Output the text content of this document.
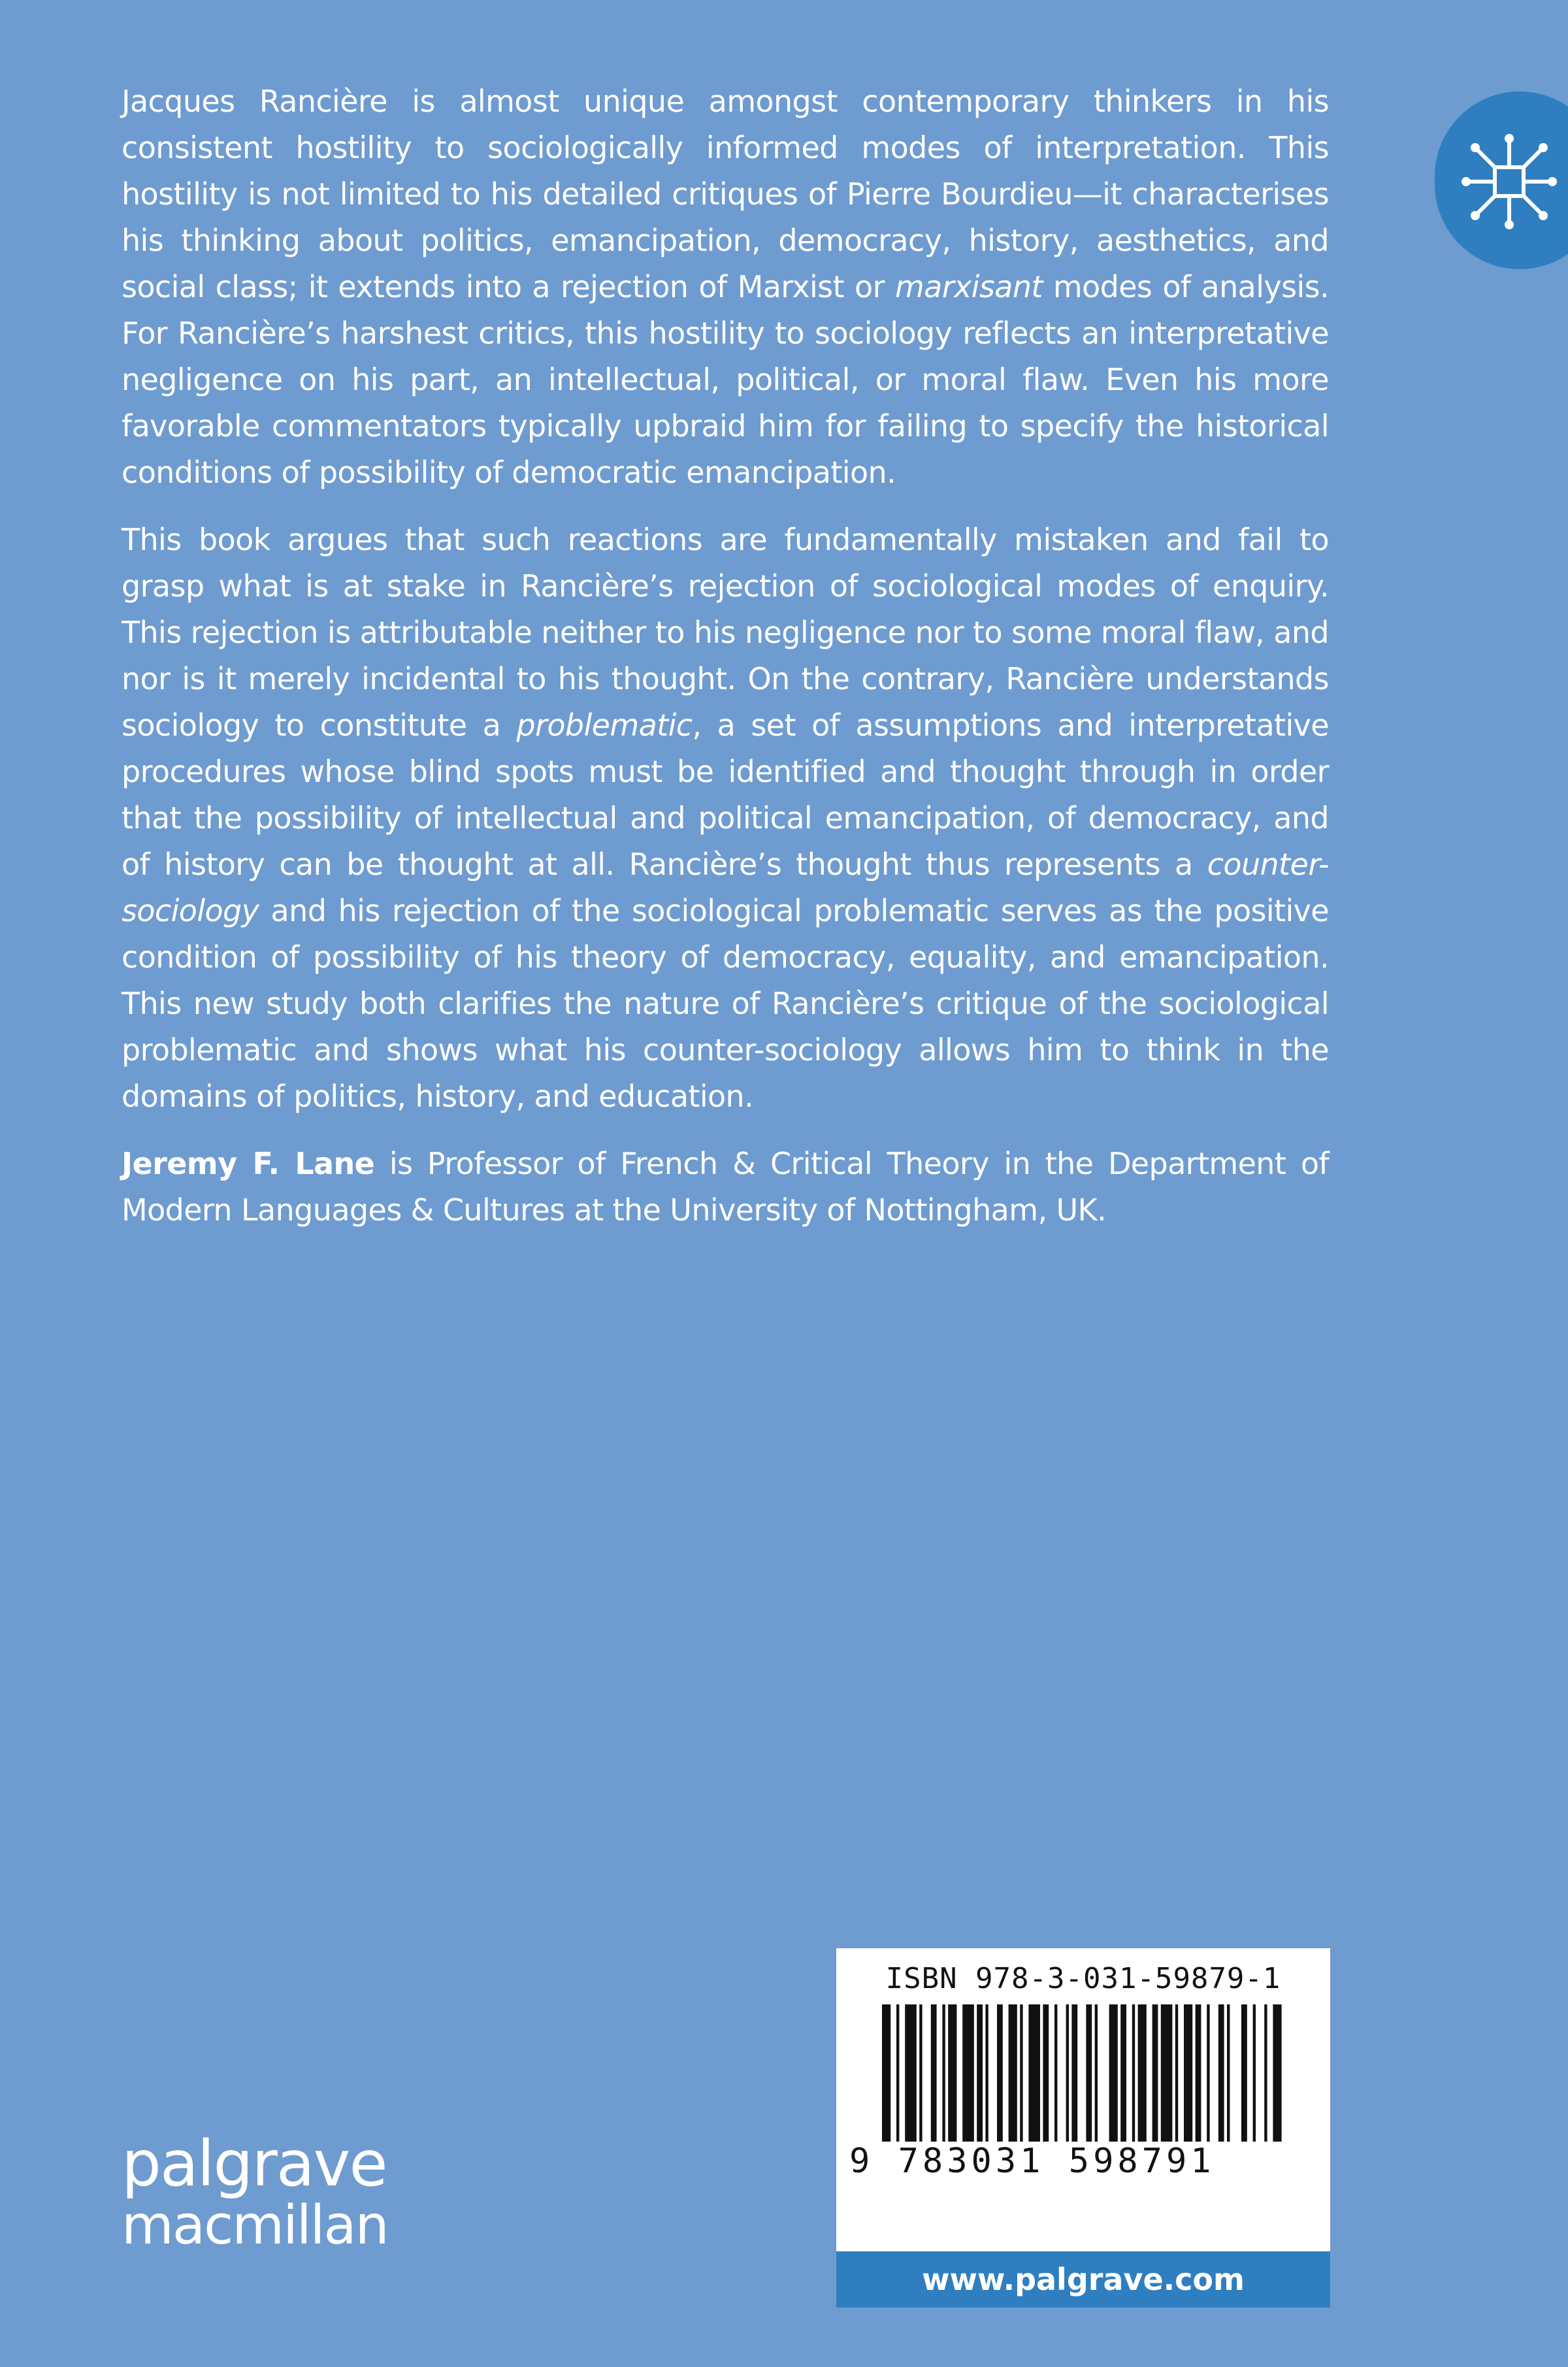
Jacques Rancière is almost unique amongst contemporary thinkers in his consistent hostility to sociologically informed modes of interpretation. This hostility is not limited to his detailed critiques of Pierre Bourdieu—it characterises his thinking about politics, emancipation, democracy, history, aesthetics, and social class; it extends into a rejection of Marxist or marxisant modes of analysis. For Rancière’s harshest critics, this hostility to sociology reflects an interpretative negligence on his part, an intellectual, political, or moral flaw. Even his more favorable commentators typically upbraid him for failing to specify the historical conditions of possibility of democratic emancipation.

This book argues that such reactions are fundamentally mistaken and fail to grasp what is at stake in Rancière’s rejection of sociological modes of enquiry. This rejection is attributable neither to his negligence nor to some moral flaw, and nor is it merely incidental to his thought. On the contrary, Rancière understands sociology to constitute a problematic, a set of assumptions and interpretative procedures whose blind spots must be identified and thought through in order that the possibility of intellectual and political emancipation, of democracy, and of history can be thought at all. Rancière’s thought thus represents a counter-sociology and his rejection of the sociological problematic serves as the positive condition of possibility of his theory of democracy, equality, and emancipation. This new study both clarifies the nature of Rancière’s critique of the sociological problematic and shows what his counter-sociology allows him to think in the domains of politics, history, and education.

Jeremy F. Lane is Professor of French & Critical Theory in the Department of Modern Languages & Cultures at the University of Nottingham, UK.

palgrave
macmillan
ISBN 978-3-031-59879-1
9 783031 598791
www.palgrave.com
